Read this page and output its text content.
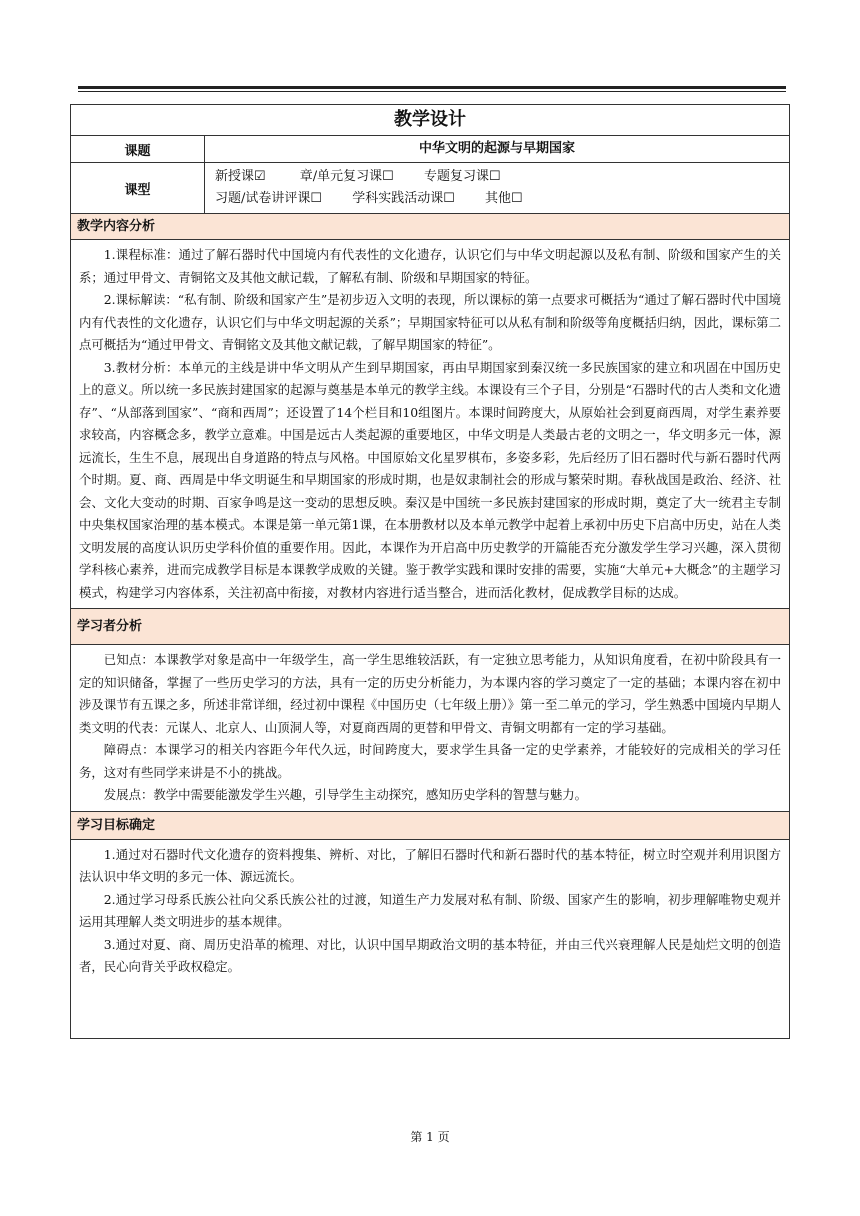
教学设计
课题	中华文明的起源与早期国家
课型
新授课☑	章/单元复习课☐ 专题复习课☐
习题/试卷讲评课☐ 学科实践活动课☐ 其他☐
教学内容分析

1.课程标准：通过了解石器时代中国境内有代表性的文化遗存，认识它们与中华文明起源以及私有制、阶级和国家产生的关系；通过甲骨文、青铜铭文及其他文献记载，了解私有制、阶级和早期国家的特征。

2.课标解读：“私有制、阶级和国家产生”是初步迈入文明的表现，所以课标的第一点要求可概括为“通过了解石器时代中国境内有代表性的文化遗存，认识它们与中华文明起源的关系”；早期国家特征可以从私有制和阶级等角度概括归纳，因此，课标第二点可概括为“通过甲骨文、青铜铭文及其他文献记载，了解早期国家的特征”。

3.教材分析：本单元的主线是讲中华文明从产生到早期国家，再由早期国家到秦汉统一多民族国家的建立和巩固在中国历史上的意义。所以统一多民族封建国家的起源与奠基是本单元的教学主线。本课设有三个子目，分别是“石器时代的古人类和文化遗存”、“从部落到国家”、“商和西周”；还设置了14个栏目和10组图片。本课时间跨度大，从原始社会到夏商西周，对学生素养要求较高，内容概念多，教学立意难。中国是远古人类起源的重要地区，中华文明是人类最古老的文明之一，华文明多元一体，源远流长，生生不息，展现出自身道路的特点与风格。中国原始文化星罗棋布，多姿多彩，先后经历了旧石器时代与新石器时代两个时期。夏、商、西周是中华文明诞生和早期国家的形成时期，也是奴隶制社会的形成与繁荣时期。春秋战国是政治、经济、社会、文化大变动的时期、百家争鸣是这一变动的思想反映。秦汉是中国统一多民族封建国家的形成时期，奠定了大一统君主专制中央集权国家治理的基本模式。本课是第一单元第1课，在本册教材以及本单元教学中起着上承初中历史下启高中历史，站在人类文明发展的高度认识历史学科价值的重要作用。因此，本课作为开启高中历史教学的开篇能否充分激发学生学习兴趣，深入贯彻学科核心素养，进而完成教学目标是本课教学成败的关键。鉴于教学实践和课时安排的需要，实施“大单元+大概念”的主题学习模式，构建学习内容体系，关注初高中衔接，对教材内容进行适当整合，进而活化教材，促成教学目标的达成。

学习者分析

已知点：本课教学对象是高中一年级学生，高一学生思维较活跃，有一定独立思考能力，从知识角度看，在初中阶段具有一定的知识储备，掌握了一些历史学习的方法，具有一定的历史分析能力，为本课内容的学习奠定了一定的基础；本课内容在初中涉及课节有五课之多，所述非常详细，经过初中课程《中国历史（七年级上册）》第一至二单元的学习，学生熟悉中国境内早期人类文明的代表：元谋人、北京人、山顶洞人等，对夏商西周的更替和甲骨文、青铜文明都有一定的学习基础。

障碍点：本课学习的相关内容距今年代久远，时间跨度大，要求学生具备一定的史学素养，才能较好的完成相关的学习任务，这对有些同学来讲是不小的挑战。

发展点：教学中需要能激发学生兴趣，引导学生主动探究，感知历史学科的智慧与魅力。

学习目标确定

1.通过对石器时代文化遗存的资料搜集、辨析、对比，了解旧石器时代和新石器时代的基本特征，树立时空观并利用识图方法认识中华文明的多元一体、源远流长。

2.通过学习母系氏族公社向父系氏族公社的过渡，知道生产力发展对私有制、阶级、国家产生的影响，初步理解唯物史观并运用其理解人类文明进步的基本规律。

3.通过对夏、商、周历史沿革的梳理、对比，认识中国早期政治文明的基本特征，并由三代兴衰理解人民是灿烂文明的创造者，民心向背关乎政权稳定。

第 1 页
